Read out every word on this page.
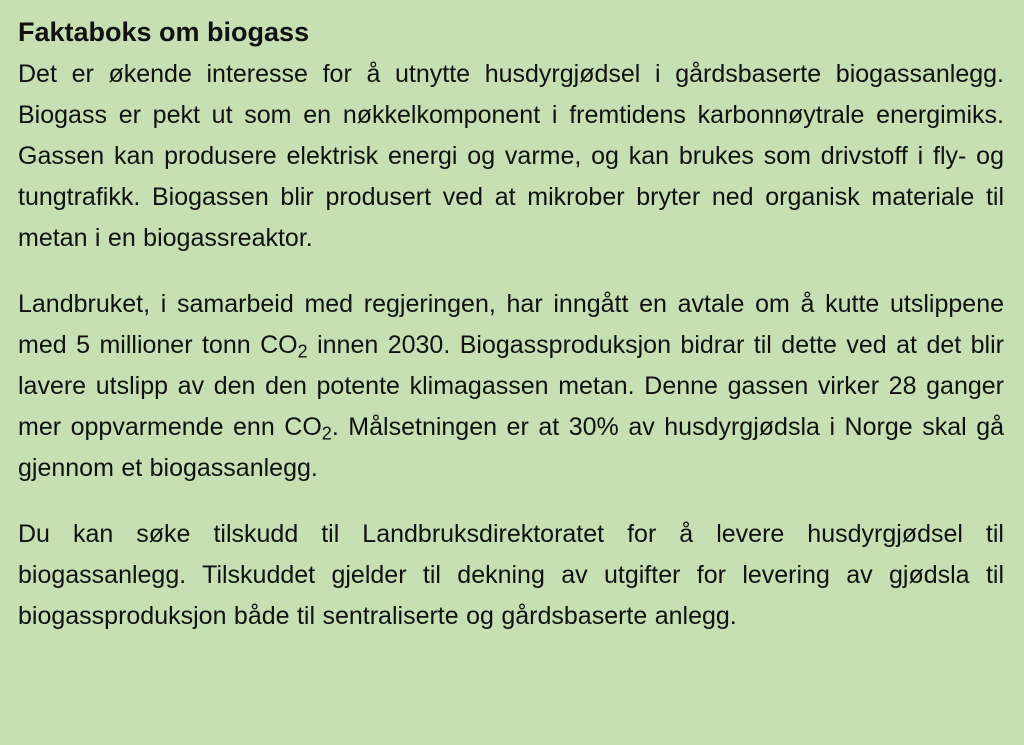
Faktaboks om biogass

Det er økende interesse for å utnytte husdyrgjødsel i gårdsbaserte biogassanlegg. Biogass er pekt ut som en nøkkelkomponent i fremtidens karbonnøytrale energimiks. Gassen kan produsere elektrisk energi og varme, og kan brukes som drivstoff i fly- og tungtrafikk. Biogassen blir produsert ved at mikrober bryter ned organisk materiale til metan i en biogassreaktor.

Landbruket, i samarbeid med regjeringen, har inngått en avtale om å kutte utslippene med 5 millioner tonn $CO_2$ innen 2030. Biogassproduksjon bidrar til dette ved at det blir lavere utslipp av den den potente klimagassen metan. Denne gassen virker 28 ganger mer oppvarmende enn $CO_2$. Målsetningen er at 30% av husdyrgjødsla i Norge skal gå gjennom et biogassanlegg.

Du kan søke tilskudd til Landbruksdirektoratet for å levere husdyrgjødsel til biogassanlegg. Tilskuddet gjelder til dekning av utgifter for levering av gjødsla til biogassproduksjon både til sentraliserte og gårdsbaserte anlegg.
